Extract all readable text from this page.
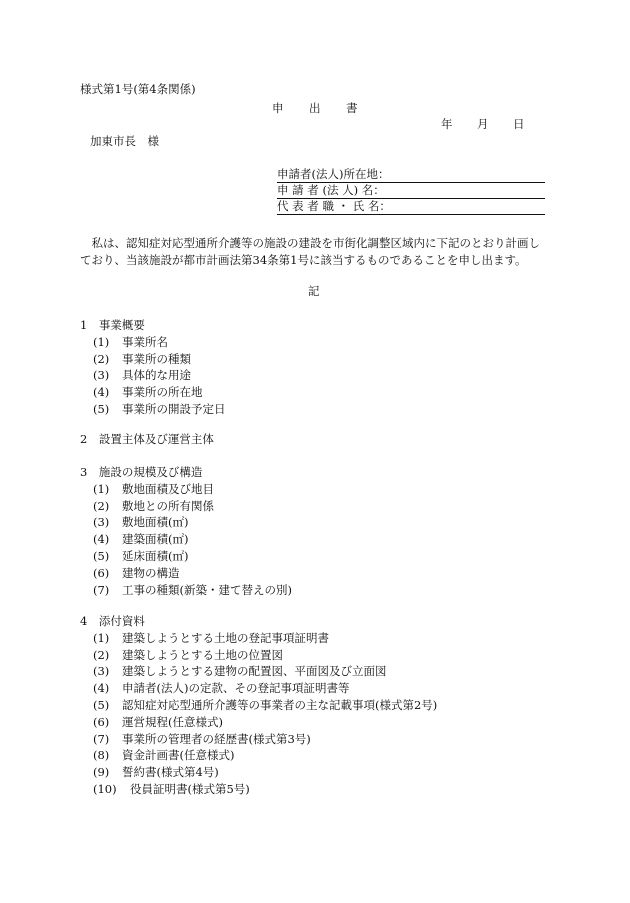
様式第1号(第4条関係)
申 出 書
年 月 日
加東市長　様
申請者(法人)所在地：
申 請 者 (法 人) 名：
代 表 者 職 ・ 氏 名：

私は、認知症対応型通所介護等の施設の建設を市街化調整区域内に下記のとおり計画し

ており、当該施設が都市計画法第34条第1号に該当するものであることを申し出ます。

記
1　事業概要
(1) 事業所名
(2) 事業所の種類
(3) 具体的な用途
(4) 事業所の所在地
(5) 事業所の開設予定日
2　設置主体及び運営主体
3　施設の規模及び構造
(1) 敷地面積及び地目
(2) 敷地との所有関係
(3) 敷地面積(㎡)
(4) 建築面積(㎡)
(5) 延床面積(㎡)
(6) 建物の構造
(7) 工事の種類(新築・建て替えの別)
4　添付資料
(1) 建築しようとする土地の登記事項証明書
(2) 建築しようとする土地の位置図
(3) 建築しようとする建物の配置図、平面図及び立面図
(4) 申請者(法人)の定款、その登記事項証明書等
(5) 認知症対応型通所介護等の事業者の主な記載事項(様式第2号)
(6) 運営規程(任意様式)
(7) 事業所の管理者の経歴書(様式第3号)
(8) 資金計画書(任意様式)
(9) 誓約書(様式第4号)
(10) 役員証明書(様式第5号)
